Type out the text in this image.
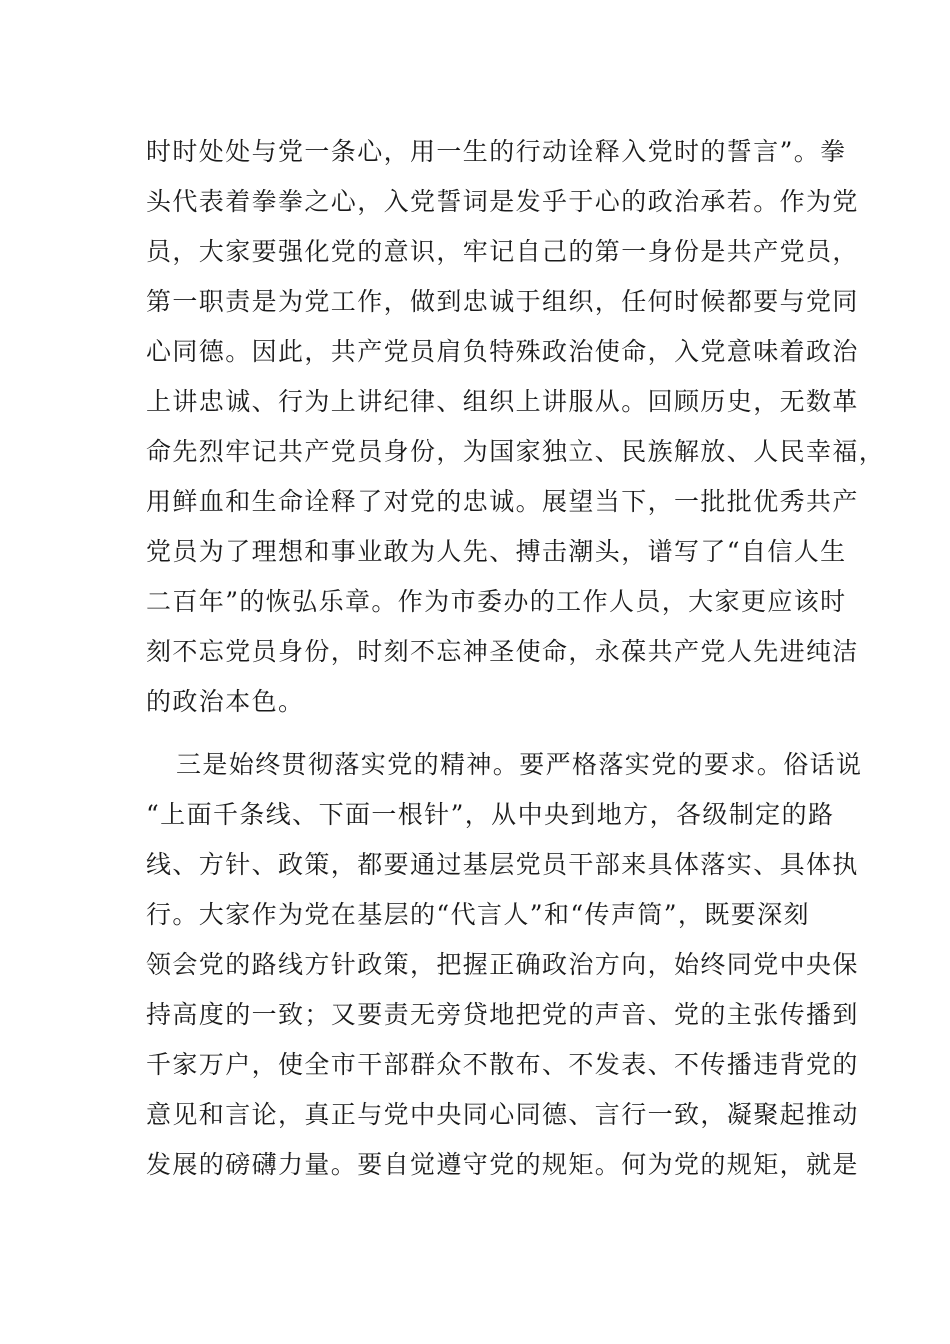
时时处处与党一条心，用一生的行动诠释入党时的誓言”。拳
头代表着拳拳之心，入党誓词是发乎于心的政治承若。作为党
员，大家要强化党的意识，牢记自己的第一身份是共产党员，
第一职责是为党工作，做到忠诚于组织，任何时候都要与党同
心同德。因此，共产党员肩负特殊政治使命，入党意味着政治
上讲忠诚、行为上讲纪律、组织上讲服从。回顾历史，无数革
命先烈牢记共产党员身份，为国家独立、民族解放、人民幸福，
用鲜血和生命诠释了对党的忠诚。展望当下，一批批优秀共产
党员为了理想和事业敢为人先、搏击潮头，谱写了“自信人生
二百年”的恢弘乐章。作为市委办的工作人员，大家更应该时
刻不忘党员身份，时刻不忘神圣使命，永葆共产党人先进纯洁
的政治本色。
三是始终贯彻落实党的精神。要严格落实党的要求。俗话说
“上面千条线、下面一根针”，从中央到地方，各级制定的路
线、方针、政策，都要通过基层党员干部来具体落实、具体执
行。大家作为党在基层的“代言人”和“传声筒”，既要深刻
领会党的路线方针政策，把握正确政治方向，始终同党中央保
持高度的一致；又要责无旁贷地把党的声音、党的主张传播到
千家万户，使全市干部群众不散布、不发表、不传播违背党的
意见和言论，真正与党中央同心同德、言行一致，凝聚起推动
发展的磅礴力量。要自觉遵守党的规矩。何为党的规矩，就是
